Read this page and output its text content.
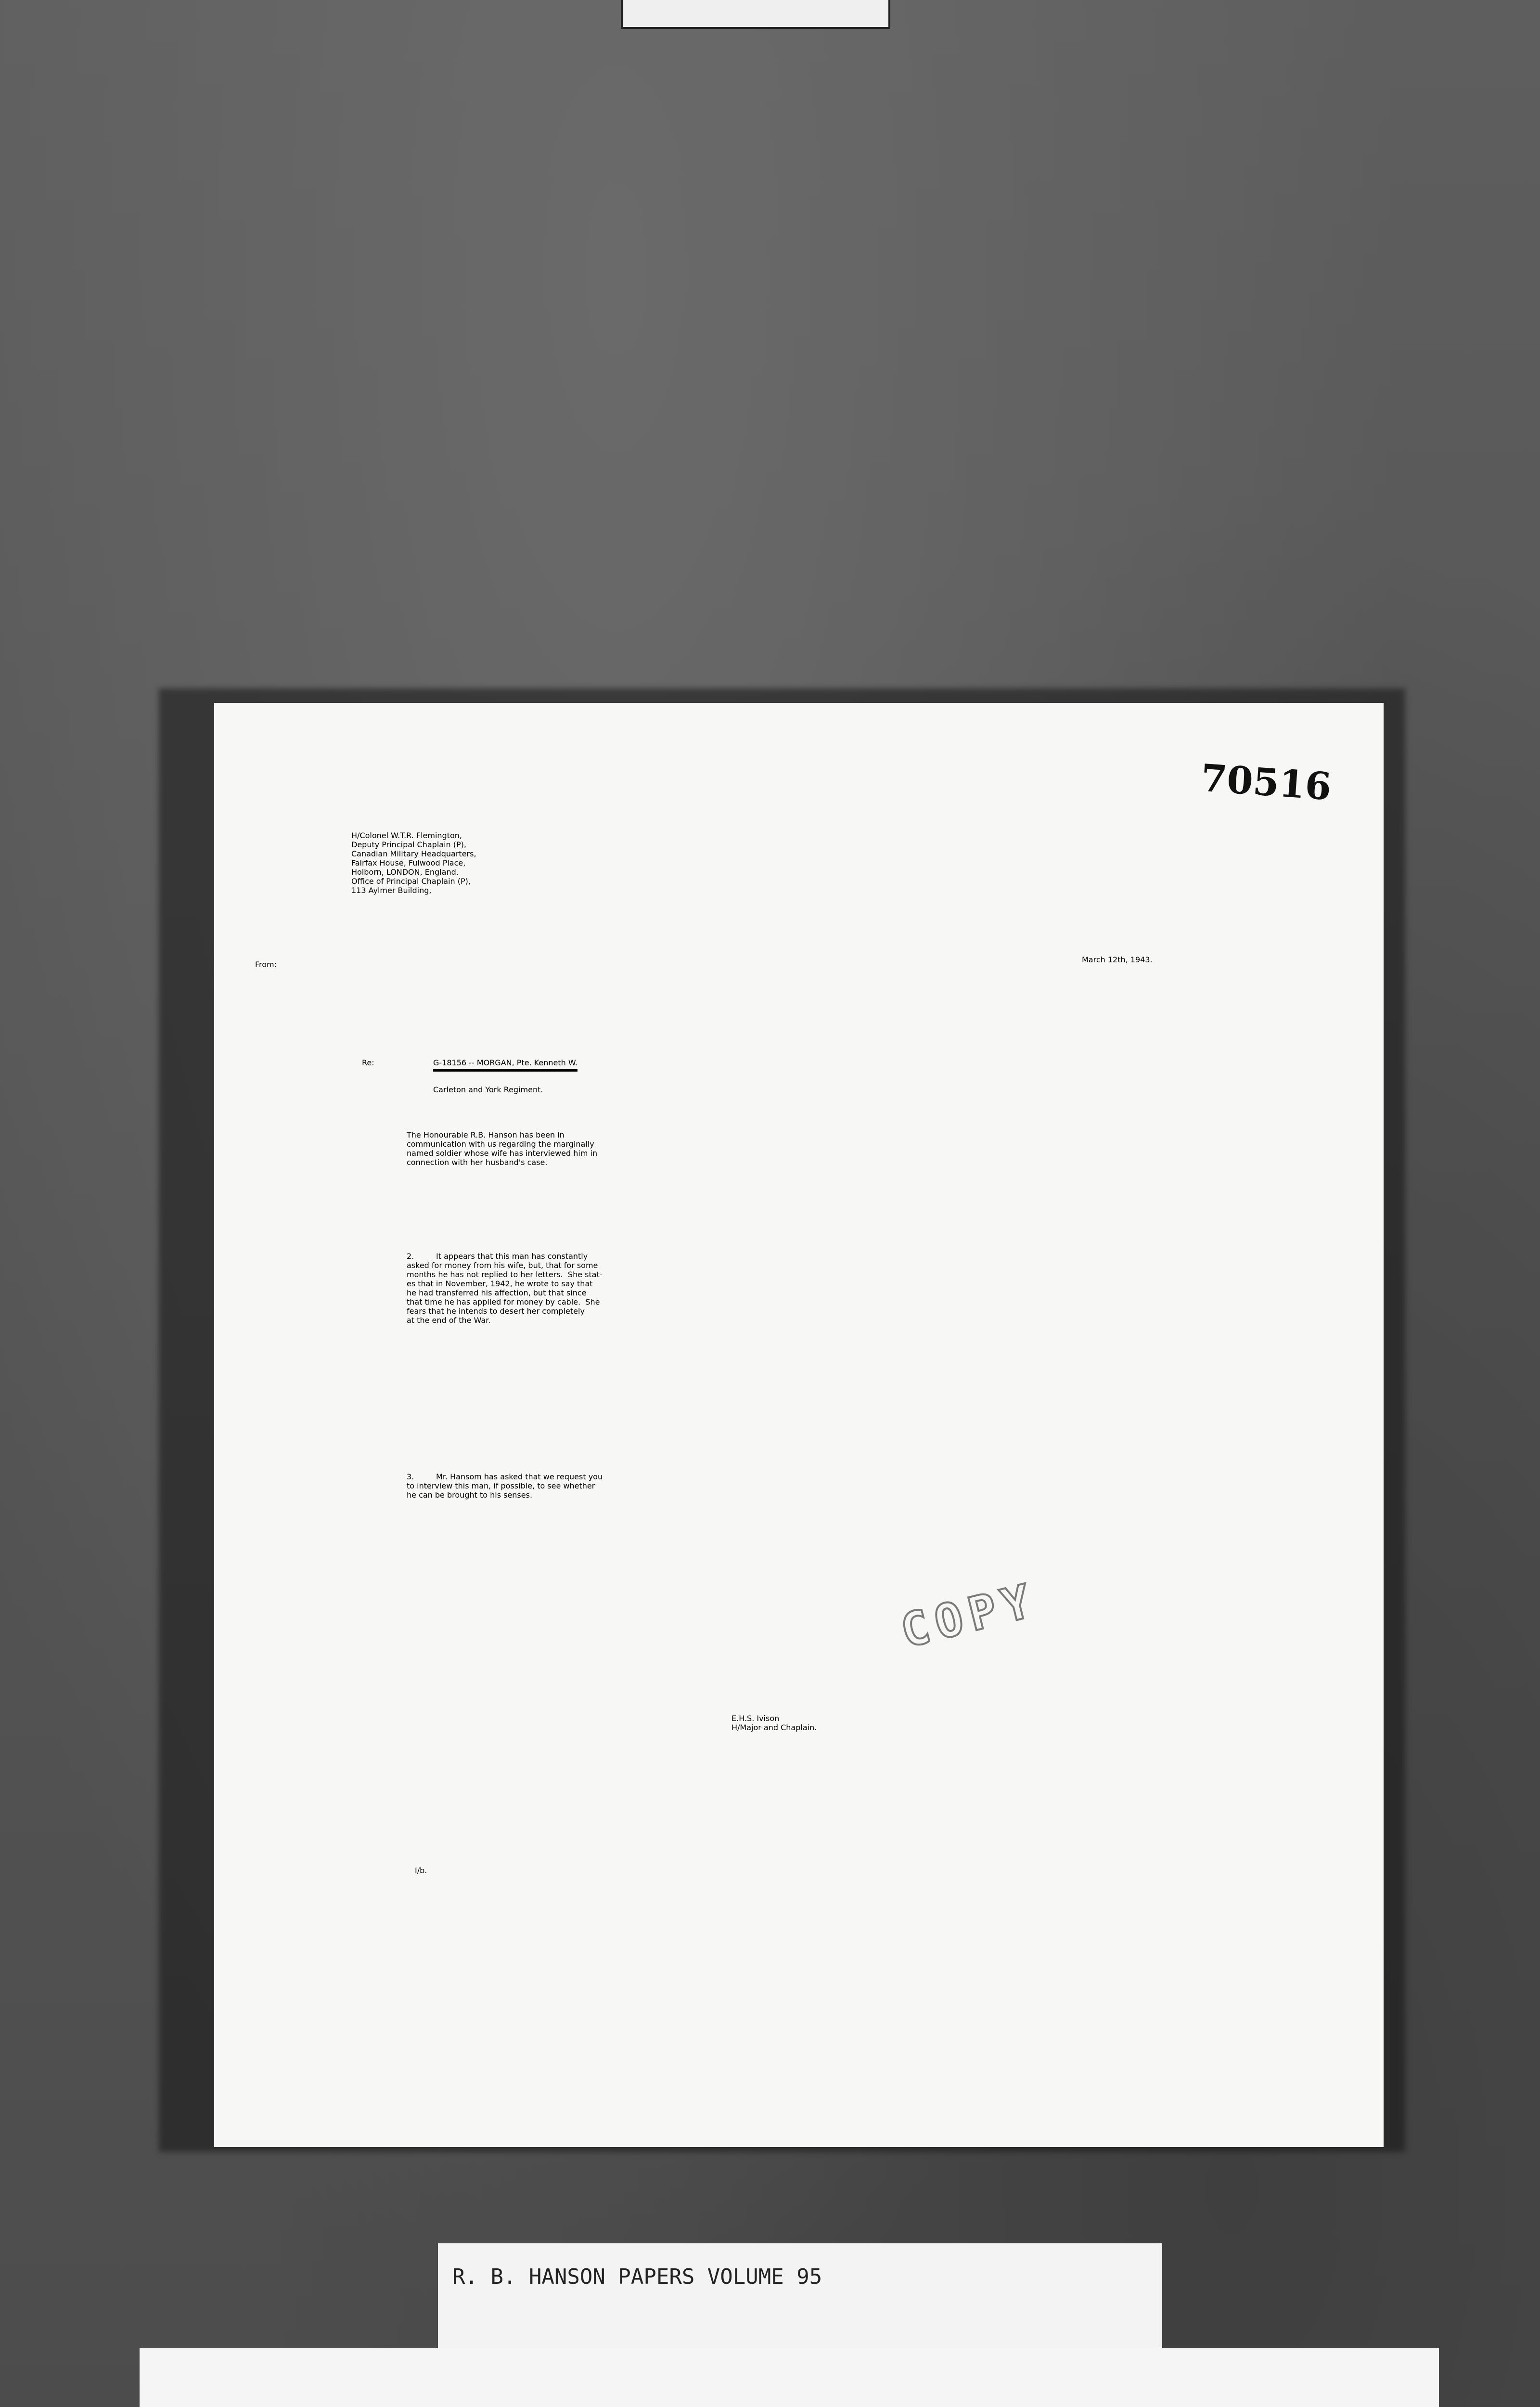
70516
H/Colonel W.T.R. Flemington,
Deputy Principal Chaplain (P),
Canadian Military Headquarters,
Fairfax House, Fulwood Place,
Holborn, LONDON, England.
Office of Principal Chaplain (P),
113 Aylmer Building,
From:
March 12th, 1943.
Re:	G-18156 -- MORGAN, Pte. Kenneth W.
Carleton and York Regiment.
The Honourable R.B. Hanson has been in
communication with us regarding the marginally
named soldier whose wife has interviewed him in
connection with her husband's case.
2.         It appears that this man has constantly
asked for money from his wife, but, that for some
months he has not replied to her letters.  She stat-
es that in November, 1942, he wrote to say that
he had transferred his affection, but that since
that time he has applied for money by cable.  She
fears that he intends to desert her completely
at the end of the War.
3.         Mr. Hansom has asked that we request you
to interview this man, if possible, to see whether
he can be brought to his senses.
COPY
E.H.S. Ivison
H/Major and Chaplain.
I/b.
R. B. HANSON PAPERS VOLUME 95
